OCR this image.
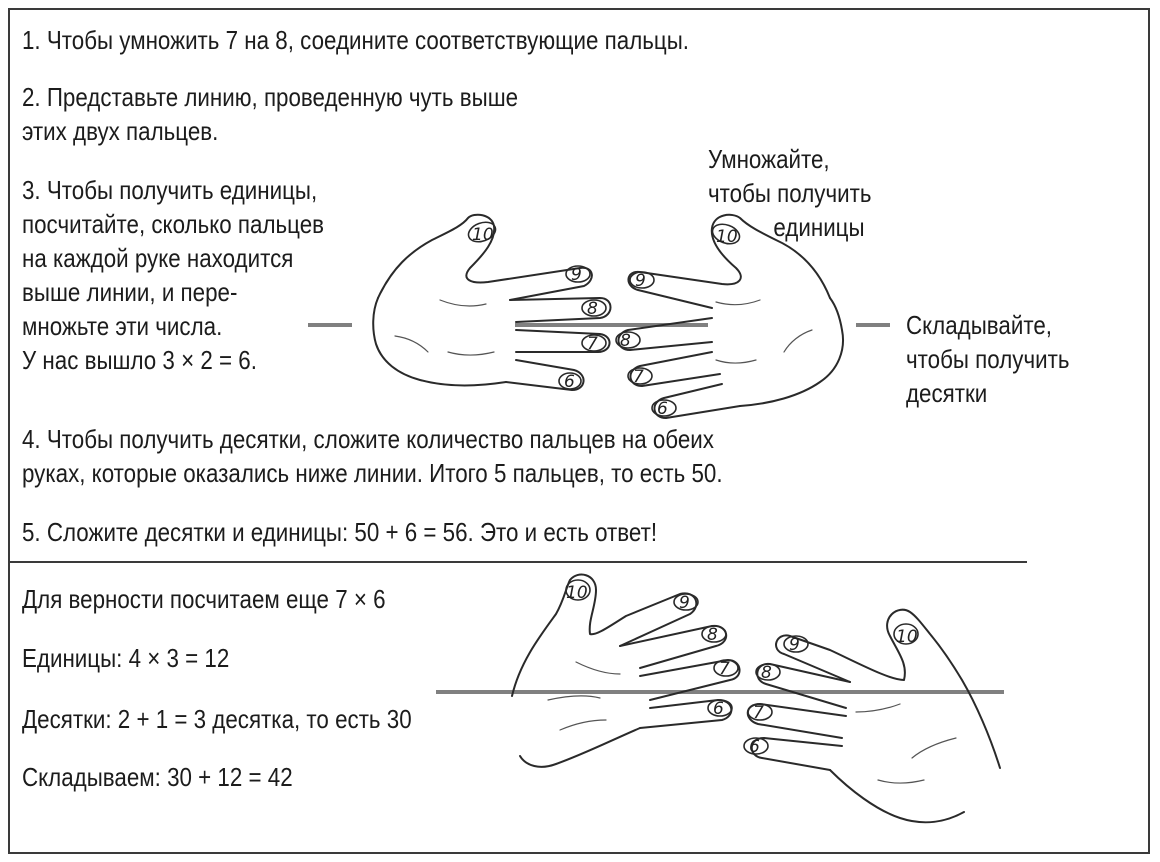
10
9
8
7
6
10
9
8
7
6
10	9
8
7
6
10
9
8
7
6
1. Чтобы умножить 7 на 8, соедините соответствующие пальцы.
2. Представьте линию, проведенную чуть выше
этих двух пальцев.
3. Чтобы получить единицы,
посчитайте, сколько пальцев
на каждой руке находится
выше линии, и пере-
множьте эти числа.
У нас вышло 3 × 2 = 6.
Умножайте,
чтобы получить
единицы
Складывайте,
чтобы получить
десятки
4. Чтобы получить десятки, сложите количество пальцев на обеих
руках, которые оказались ниже линии. Итого 5 пальцев, то есть 50.
5. Сложите десятки и единицы: 50 + 6 = 56. Это и есть ответ!
Для верности посчитаем еще 7 × 6
Единицы: 4 × 3 = 12
Десятки: 2 + 1 = 3 десятка, то есть 30
Складываем: 30 + 12 = 42
